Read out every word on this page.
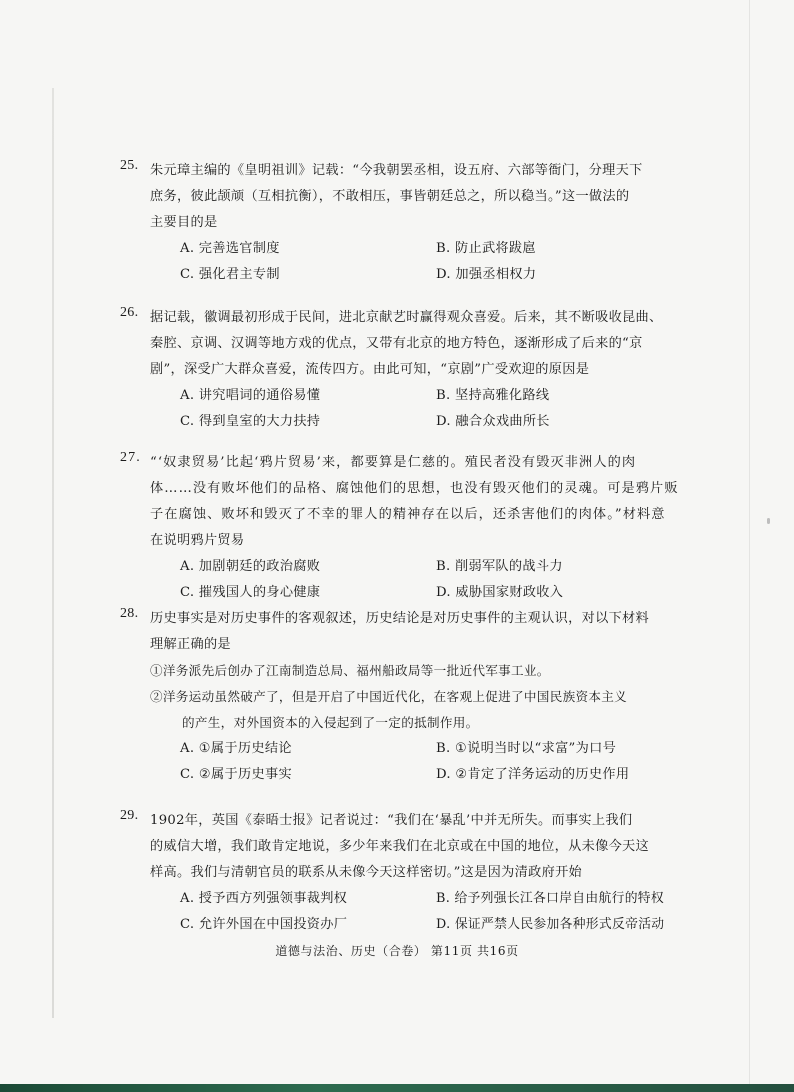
25. 朱元璋主编的《皇明祖训》记载：“今我朝罢丞相，设五府、六部等衙门，分理天下
庶务，彼此颉颃（互相抗衡），不敢相压，事皆朝廷总之，所以稳当。”这一做法的
主要目的是
A. 完善选官制度	B. 防止武将跋扈
C. 强化君主专制	D. 加强丞相权力
26. 据记载，徽调最初形成于民间，进北京献艺时赢得观众喜爱。后来，其不断吸收昆曲、
秦腔、京调、汉调等地方戏的优点，又带有北京的地方特色，逐渐形成了后来的“京
剧”，深受广大群众喜爱，流传四方。由此可知，“京剧”广受欢迎的原因是
A. 讲究唱词的通俗易懂	B. 坚持高雅化路线
C. 得到皇室的大力扶持	D. 融合众戏曲所长
27. “‘奴隶贸易’比起‘鸦片贸易’来，都要算是仁慈的。殖民者没有毁灭非洲人的肉
体……没有败坏他们的品格、腐蚀他们的思想，也没有毁灭他们的灵魂。可是鸦片贩
子在腐蚀、败坏和毁灭了不幸的罪人的精神存在以后，还杀害他们的肉体。”材料意
在说明鸦片贸易
A. 加剧朝廷的政治腐败	B. 削弱军队的战斗力
C. 摧残国人的身心健康	D. 威胁国家财政收入
28. 历史事实是对历史事件的客观叙述，历史结论是对历史事件的主观认识，对以下材料
理解正确的是
①洋务派先后创办了江南制造总局、福州船政局等一批近代军事工业。
②洋务运动虽然破产了，但是开启了中国近代化，在客观上促进了中国民族资本主义
的产生，对外国资本的入侵起到了一定的抵制作用。
A. ①属于历史结论	B. ①说明当时以“求富”为口号
C. ②属于历史事实	D. ②肯定了洋务运动的历史作用
29. 1902年，英国《泰晤士报》记者说过：“我们在‘暴乱’中并无所失。而事实上我们
的威信大增，我们敢肯定地说，多少年来我们在北京或在中国的地位，从未像今天这
样高。我们与清朝官员的联系从未像今天这样密切。”这是因为清政府开始
A. 授予西方列强领事裁判权	B. 给予列强长江各口岸自由航行的特权
C. 允许外国在中国投资办厂	D. 保证严禁人民参加各种形式反帝活动
道德与法治、历史（合卷） 第11页 共16页
